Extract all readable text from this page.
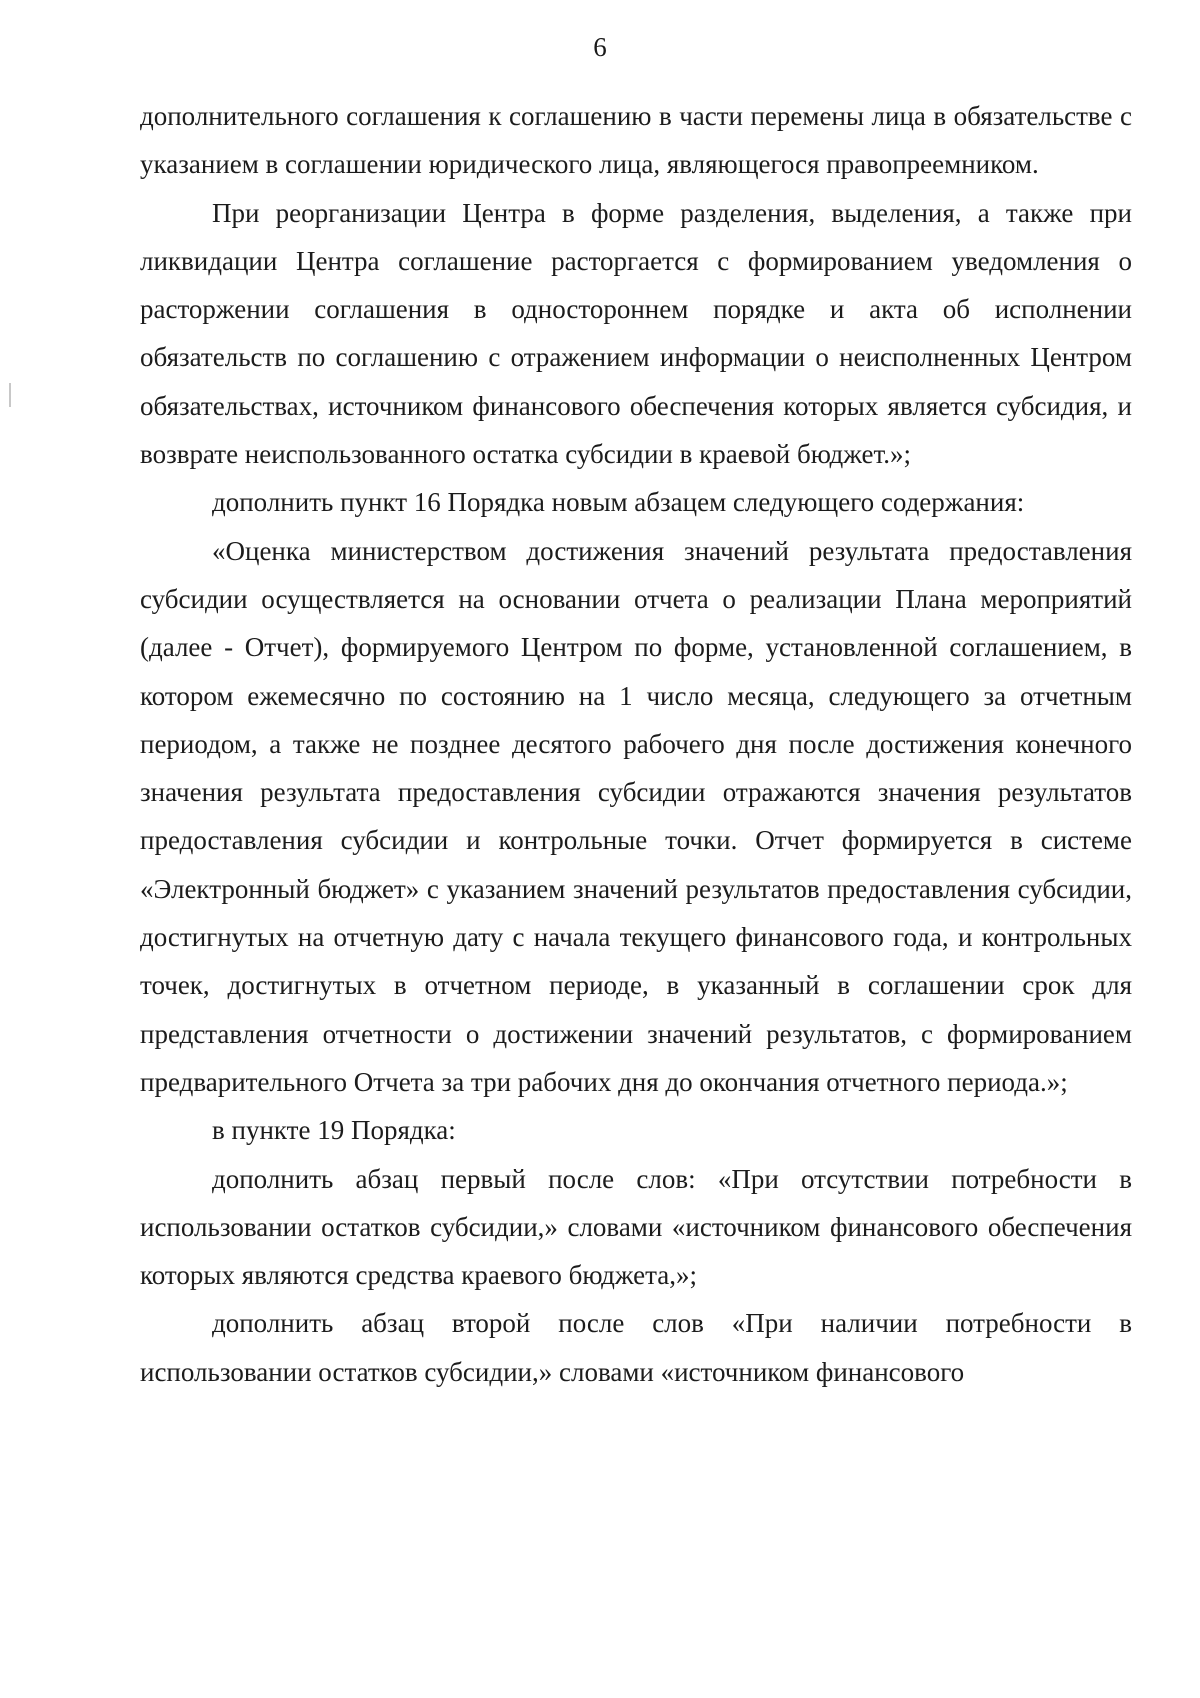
6

дополнительного соглашения к соглашению в части перемены лица в обязательстве с указанием в соглашении юридического лица, являющегося правопреемником.

При реорганизации Центра в форме разделения, выделения, а также при ликвидации Центра соглашение расторгается с формированием уведомления о расторжении соглашения в одностороннем порядке и акта об исполнении обязательств по соглашению с отражением информации о неисполненных Центром обязательствах, источником финансового обеспечения которых является субсидия, и возврате неиспользованного остатка субсидии в краевой бюджет.»;

дополнить пункт 16 Порядка новым абзацем следующего содержания:

«Оценка министерством достижения значений результата предоставления субсидии осуществляется на основании отчета о реализации Плана мероприятий (далее - Отчет), формируемого Центром по форме, установленной соглашением, в котором ежемесячно по состоянию на 1 число месяца, следующего за отчетным периодом, а также не позднее десятого рабочего дня после достижения конечного значения результата предоставления субсидии отражаются значения результатов предоставления субсидии и контрольные точки. Отчет формируется в системе «Электронный бюджет» с указанием значений результатов предоставления субсидии, достигнутых на отчетную дату с начала текущего финансового года, и контрольных точек, достигнутых в отчетном периоде, в указанный в соглашении срок для представления отчетности о достижении значений результатов, с формированием предварительного Отчета за три рабочих дня до окончания отчетного периода.»;

в пункте 19 Порядка:

дополнить абзац первый после слов: «При отсутствии потребности в использовании остатков субсидии,» словами «источником финансового обеспечения которых являются средства краевого бюджета,»;

дополнить абзац второй после слов «При наличии потребности в использовании остатков субсидии,» словами «источником финансового
